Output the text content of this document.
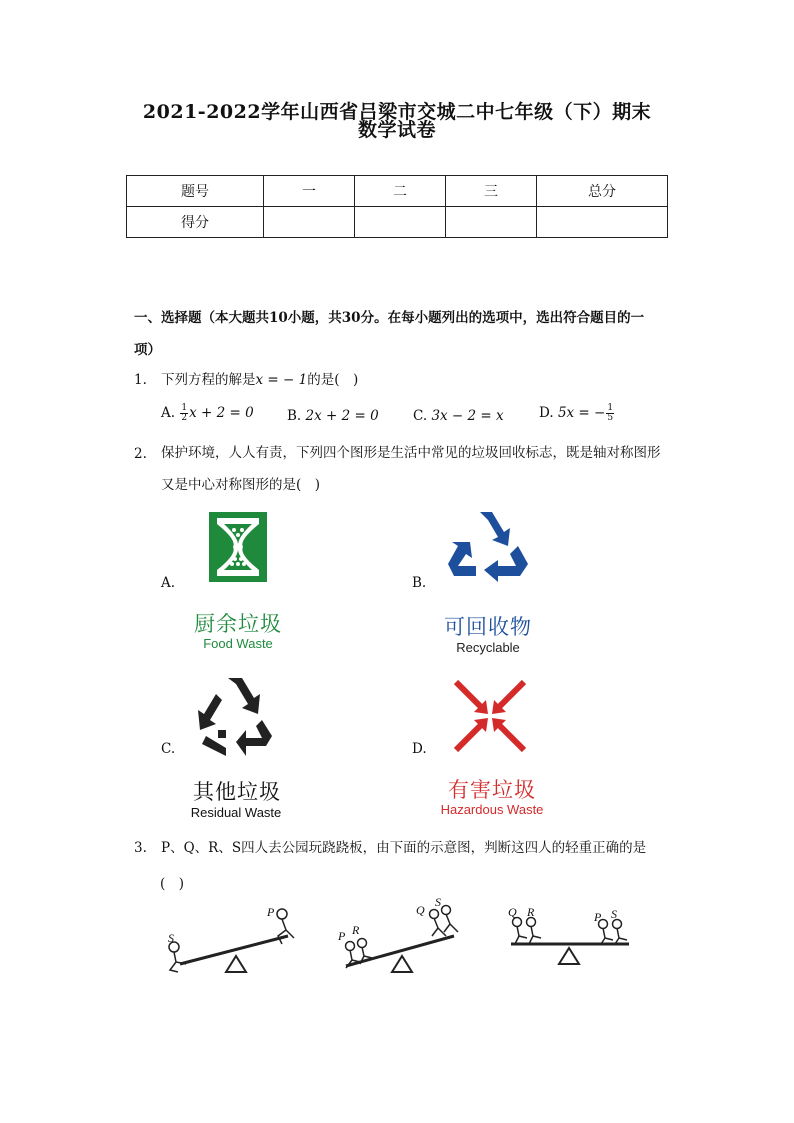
2021-2022学年山西省吕梁市交城二中七年级（下）期末
数学试卷
题号	一	二	三	总分
得分				
一、选择题（本大题共10小题，共30分。在每小题列出的选项中，选出符合题目的一项）
1. 下列方程的解是x = − 1的是(　)
A. $\frac{1}{2}$ x + 2 = 0 B. 2x + 2 = 0	C. 3x − 2 = x	D. 5x = − $\frac{1}{5}$
2. 保护环境，人人有责，下列四个图形是生活中常见的垃圾回收标志，既是轴对称图形又是中心对称图形的是(　)
A.
厨余垃圾
Food Waste
B.
可回收物
Recyclable
C.
其他垃圾
Residual Waste
D.
有害垃圾
Hazardous Waste
3. P、Q、R、S四人去公园玩跷跷板，由下面的示意图，判断这四人的轻重正确的是
(　)
S
P
P R
Q
S
Q R	P S
